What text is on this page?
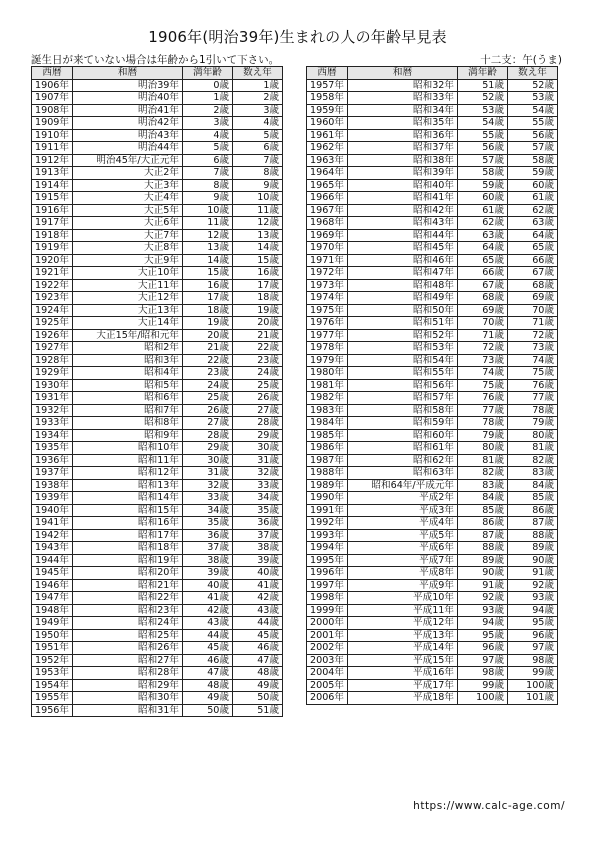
1906年(明治39年)生まれの人の年齢早見表
誕生日が来ていない場合は年齢から1引いて下さい。	十二支：午(うま)
西暦	和暦	満年齢	数え年
1906年	明治39年	0歳	1歳
1907年	明治40年	1歳	2歳
1908年	明治41年	2歳	3歳
1909年	明治42年	3歳	4歳
1910年	明治43年	4歳	5歳
1911年	明治44年	5歳	6歳
1912年	明治45年/大正元年	6歳	7歳
1913年	大正2年	7歳	8歳
1914年	大正3年	8歳	9歳
1915年	大正4年	9歳	10歳
1916年	大正5年	10歳	11歳
1917年	大正6年	11歳	12歳
1918年	大正7年	12歳	13歳
1919年	大正8年	13歳	14歳
1920年	大正9年	14歳	15歳
1921年	大正10年	15歳	16歳
1922年	大正11年	16歳	17歳
1923年	大正12年	17歳	18歳
1924年	大正13年	18歳	19歳
1925年	大正14年	19歳	20歳
1926年	大正15年/昭和元年	20歳	21歳
1927年	昭和2年	21歳	22歳
1928年	昭和3年	22歳	23歳
1929年	昭和4年	23歳	24歳
1930年	昭和5年	24歳	25歳
1931年	昭和6年	25歳	26歳
1932年	昭和7年	26歳	27歳
1933年	昭和8年	27歳	28歳
1934年	昭和9年	28歳	29歳
1935年	昭和10年	29歳	30歳
1936年	昭和11年	30歳	31歳
1937年	昭和12年	31歳	32歳
1938年	昭和13年	32歳	33歳
1939年	昭和14年	33歳	34歳
1940年	昭和15年	34歳	35歳
1941年	昭和16年	35歳	36歳
1942年	昭和17年	36歳	37歳
1943年	昭和18年	37歳	38歳
1944年	昭和19年	38歳	39歳
1945年	昭和20年	39歳	40歳
1946年	昭和21年	40歳	41歳
1947年	昭和22年	41歳	42歳
1948年	昭和23年	42歳	43歳
1949年	昭和24年	43歳	44歳
1950年	昭和25年	44歳	45歳
1951年	昭和26年	45歳	46歳
1952年	昭和27年	46歳	47歳
1953年	昭和28年	47歳	48歳
1954年	昭和29年	48歳	49歳
1955年	昭和30年	49歳	50歳
1956年	昭和31年	50歳	51歳
西暦	和暦	満年齢	数え年
1957年	昭和32年	51歳	52歳
1958年	昭和33年	52歳	53歳
1959年	昭和34年	53歳	54歳
1960年	昭和35年	54歳	55歳
1961年	昭和36年	55歳	56歳
1962年	昭和37年	56歳	57歳
1963年	昭和38年	57歳	58歳
1964年	昭和39年	58歳	59歳
1965年	昭和40年	59歳	60歳
1966年	昭和41年	60歳	61歳
1967年	昭和42年	61歳	62歳
1968年	昭和43年	62歳	63歳
1969年	昭和44年	63歳	64歳
1970年	昭和45年	64歳	65歳
1971年	昭和46年	65歳	66歳
1972年	昭和47年	66歳	67歳
1973年	昭和48年	67歳	68歳
1974年	昭和49年	68歳	69歳
1975年	昭和50年	69歳	70歳
1976年	昭和51年	70歳	71歳
1977年	昭和52年	71歳	72歳
1978年	昭和53年	72歳	73歳
1979年	昭和54年	73歳	74歳
1980年	昭和55年	74歳	75歳
1981年	昭和56年	75歳	76歳
1982年	昭和57年	76歳	77歳
1983年	昭和58年	77歳	78歳
1984年	昭和59年	78歳	79歳
1985年	昭和60年	79歳	80歳
1986年	昭和61年	80歳	81歳
1987年	昭和62年	81歳	82歳
1988年	昭和63年	82歳	83歳
1989年	昭和64年/平成元年	83歳	84歳
1990年	平成2年	84歳	85歳
1991年	平成3年	85歳	86歳
1992年	平成4年	86歳	87歳
1993年	平成5年	87歳	88歳
1994年	平成6年	88歳	89歳
1995年	平成7年	89歳	90歳
1996年	平成8年	90歳	91歳
1997年	平成9年	91歳	92歳
1998年	平成10年	92歳	93歳
1999年	平成11年	93歳	94歳
2000年	平成12年	94歳	95歳
2001年	平成13年	95歳	96歳
2002年	平成14年	96歳	97歳
2003年	平成15年	97歳	98歳
2004年	平成16年	98歳	99歳
2005年	平成17年	99歳	100歳
2006年	平成18年	100歳	101歳
https://www.calc-age.com/
